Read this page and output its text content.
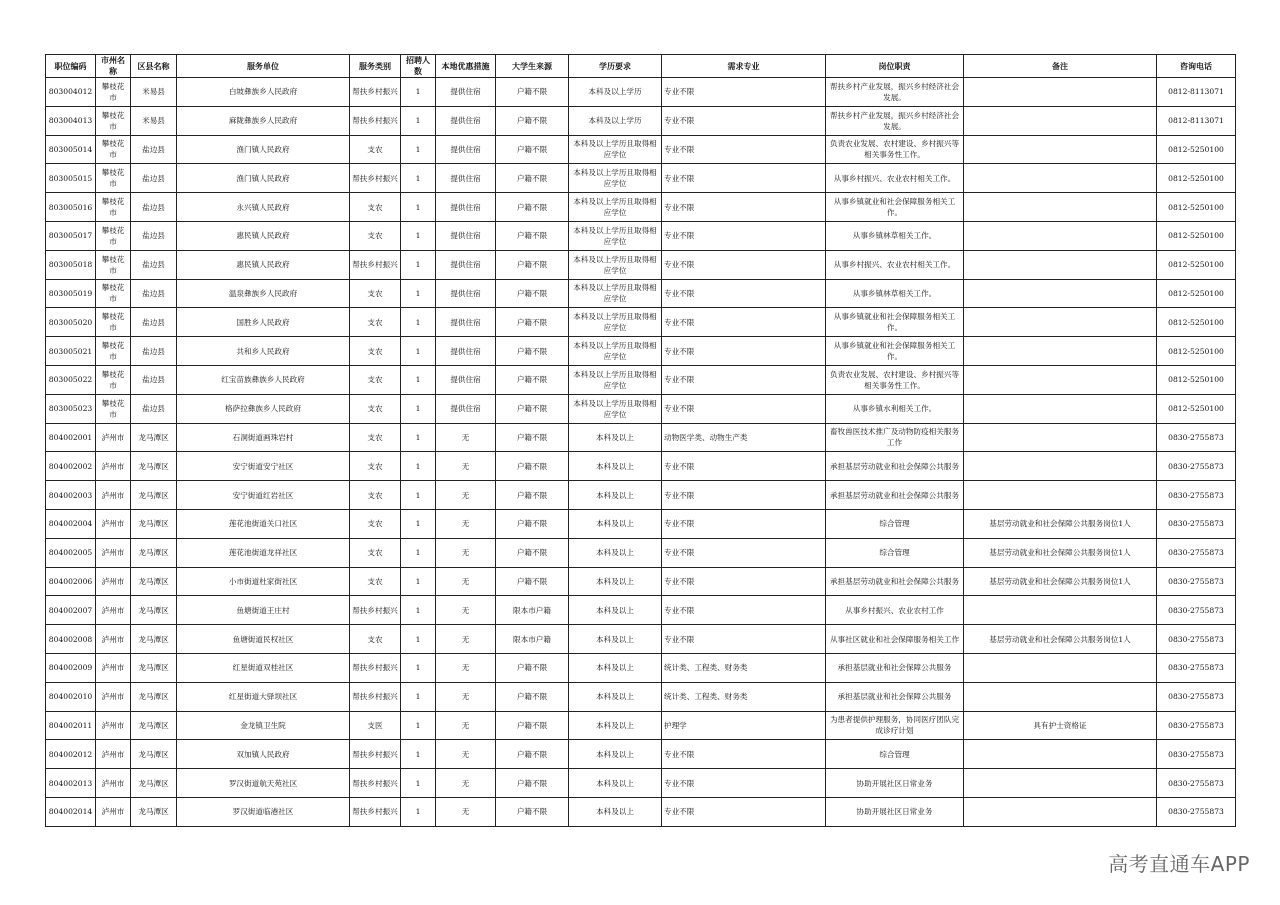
职位编码	市州名称	区县名称	服务单位	服务类别	招聘人数	本地优惠措施	大学生来源	学历要求	需求专业	岗位职责	备注	咨询电话
803004012	攀枝花市	米易县	白坡彝族乡人民政府	帮扶乡村振兴	1	提供住宿	户籍不限	本科及以上学历	专业不限	帮扶乡村产业发展，振兴乡村经济社会发展。		0812-8113071
803004013	攀枝花市	米易县	麻陇彝族乡人民政府	帮扶乡村振兴	1	提供住宿	户籍不限	本科及以上学历	专业不限	帮扶乡村产业发展，振兴乡村经济社会发展。		0812-8113071
803005014	攀枝花市	盐边县	渔门镇人民政府	支农	1	提供住宿	户籍不限	本科及以上学历且取得相应学位	专业不限	负责农业发展、农村建设、乡村振兴等相关事务性工作。		0812-5250100
803005015	攀枝花市	盐边县	渔门镇人民政府	帮扶乡村振兴	1	提供住宿	户籍不限	本科及以上学历且取得相应学位	专业不限	从事乡村振兴、农业农村相关工作。		0812-5250100
803005016	攀枝花市	盐边县	永兴镇人民政府	支农	1	提供住宿	户籍不限	本科及以上学历且取得相应学位	专业不限	从事乡镇就业和社会保障服务相关工作。		0812-5250100
803005017	攀枝花市	盐边县	惠民镇人民政府	支农	1	提供住宿	户籍不限	本科及以上学历且取得相应学位	专业不限	从事乡镇林草相关工作。		0812-5250100
803005018	攀枝花市	盐边县	惠民镇人民政府	帮扶乡村振兴	1	提供住宿	户籍不限	本科及以上学历且取得相应学位	专业不限	从事乡村振兴、农业农村相关工作。		0812-5250100
803005019	攀枝花市	盐边县	温泉彝族乡人民政府	支农	1	提供住宿	户籍不限	本科及以上学历且取得相应学位	专业不限	从事乡镇林草相关工作。		0812-5250100
803005020	攀枝花市	盐边县	国胜乡人民政府	支农	1	提供住宿	户籍不限	本科及以上学历且取得相应学位	专业不限	从事乡镇就业和社会保障服务相关工作。		0812-5250100
803005021	攀枝花市	盐边县	共和乡人民政府	支农	1	提供住宿	户籍不限	本科及以上学历且取得相应学位	专业不限	从事乡镇就业和社会保障服务相关工作。		0812-5250100
803005022	攀枝花市	盐边县	红宝苗族彝族乡人民政府	支农	1	提供住宿	户籍不限	本科及以上学历且取得相应学位	专业不限	负责农业发展、农村建设、乡村振兴等相关事务性工作。		0812-5250100
803005023	攀枝花市	盐边县	格萨拉彝族乡人民政府	支农	1	提供住宿	户籍不限	本科及以上学历且取得相应学位	专业不限	从事乡镇水利相关工作。		0812-5250100
804002001	泸州市	龙马潭区	石洞街道画珠岩村	支农	1	无	户籍不限	本科及以上	动物医学类、动物生产类	畜牧兽医技术推广及动物防疫相关服务工作		0830-2755873
804002002	泸州市	龙马潭区	安宁街道安宁社区	支农	1	无	户籍不限	本科及以上	专业不限	承担基层劳动就业和社会保障公共服务		0830-2755873
804002003	泸州市	龙马潭区	安宁街道红岩社区	支农	1	无	户籍不限	本科及以上	专业不限	承担基层劳动就业和社会保障公共服务		0830-2755873
804002004	泸州市	龙马潭区	莲花池街道关口社区	支农	1	无	户籍不限	本科及以上	专业不限	综合管理	基层劳动就业和社会保障公共服务岗位1人	0830-2755873
804002005	泸州市	龙马潭区	莲花池街道龙祥社区	支农	1	无	户籍不限	本科及以上	专业不限	综合管理	基层劳动就业和社会保障公共服务岗位1人	0830-2755873
804002006	泸州市	龙马潭区	小市街道杜家街社区	支农	1	无	户籍不限	本科及以上	专业不限	承担基层劳动就业和社会保障公共服务	基层劳动就业和社会保障公共服务岗位1人	0830-2755873
804002007	泸州市	龙马潭区	鱼塘街道王庄村	帮扶乡村振兴	1	无	限本市户籍	本科及以上	专业不限	从事乡村振兴、农业农村工作		0830-2755873
804002008	泸州市	龙马潭区	鱼塘街道民权社区	支农	1	无	限本市户籍	本科及以上	专业不限	从事社区就业和社会保障服务相关工作	基层劳动就业和社会保障公共服务岗位1人	0830-2755873
804002009	泸州市	龙马潭区	红星街道双桂社区	帮扶乡村振兴	1	无	户籍不限	本科及以上	统计类、工程类、财务类	承担基层就业和社会保障公共服务		0830-2755873
804002010	泸州市	龙马潭区	红星街道大驿坝社区	帮扶乡村振兴	1	无	户籍不限	本科及以上	统计类、工程类、财务类	承担基层就业和社会保障公共服务		0830-2755873
804002011	泸州市	龙马潭区	金龙镇卫生院	支医	1	无	户籍不限	本科及以上	护理学	为患者提供护理服务，协同医疗团队完成诊疗计划	具有护士资格证	0830-2755873
804002012	泸州市	龙马潭区	双加镇人民政府	帮扶乡村振兴	1	无	户籍不限	本科及以上	专业不限	综合管理		0830-2755873
804002013	泸州市	龙马潭区	罗汉街道航天苑社区	帮扶乡村振兴	1	无	户籍不限	本科及以上	专业不限	协助开展社区日常业务		0830-2755873
804002014	泸州市	龙马潭区	罗汉街道临港社区	帮扶乡村振兴	1	无	户籍不限	本科及以上	专业不限	协助开展社区日常业务		0830-2755873
高考直通车APP
